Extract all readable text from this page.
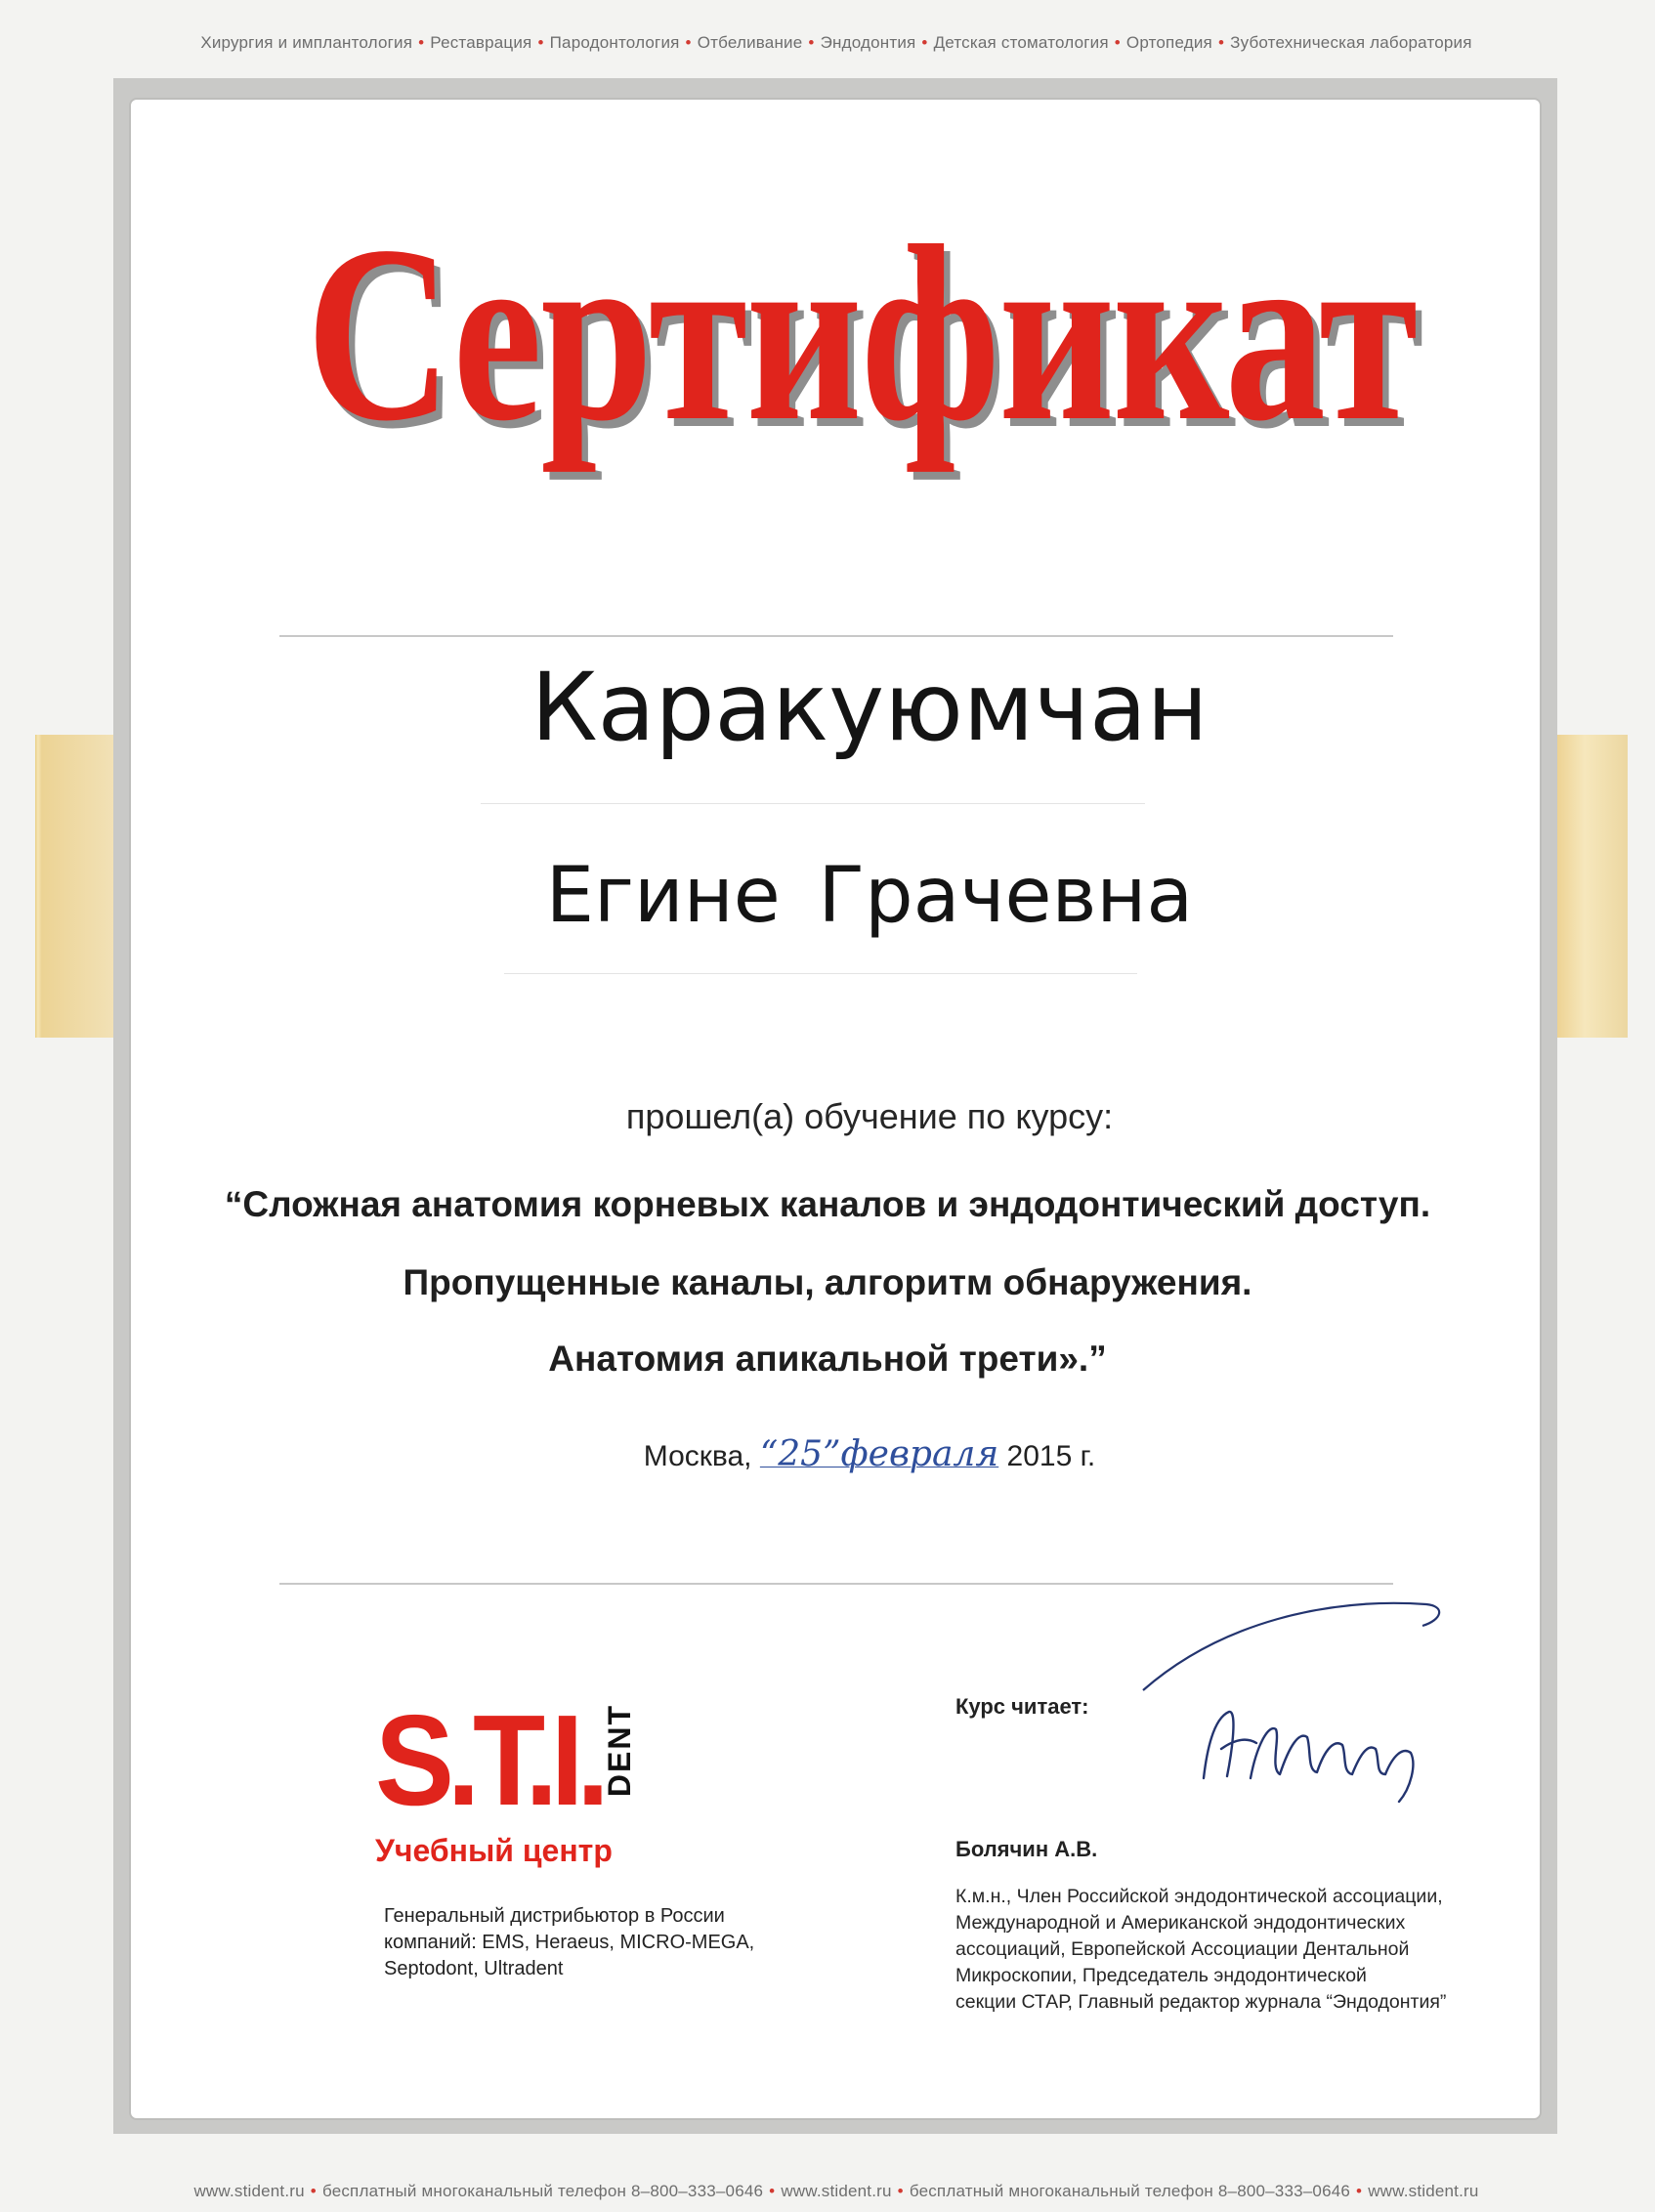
Хирургия и имплантология • Реставрация • Пародонтология • Отбеливание • Эндодонтия • Детская стоматология • Ортопедия • Зуботехническая лаборатория
Сертификат
Каракуюмчан
Егине Грачевна
прошел(а) обучение по курсу:
“Сложная анатомия корневых каналов и эндодонтический доступ.
Пропущенные каналы, алгоритм обнаружения.
Анатомия апикальной трети».”
Москва, “25”февраля 2015 г.
S.T.I. DENT
Учебный центр
Генеральный дистрибьютор в России
компаний: EMS, Heraeus, MICRO-MEGA,
Septodont, Ultradent
Курс читает:
Болячин А.В.
К.м.н., Член Российской эндодонтической ассоциации,
Международной и Американской эндодонтических
ассоциаций, Европейской Ассоциации Дентальной
Микроскопии, Председатель эндодонтической
секции СТАР, Главный редактор журнала “Эндодонтия”
www.stident.ru • бесплатный многоканальный телефон 8–800–333–0646 • www.stident.ru • бесплатный многоканальный телефон 8–800–333–0646 • www.stident.ru
